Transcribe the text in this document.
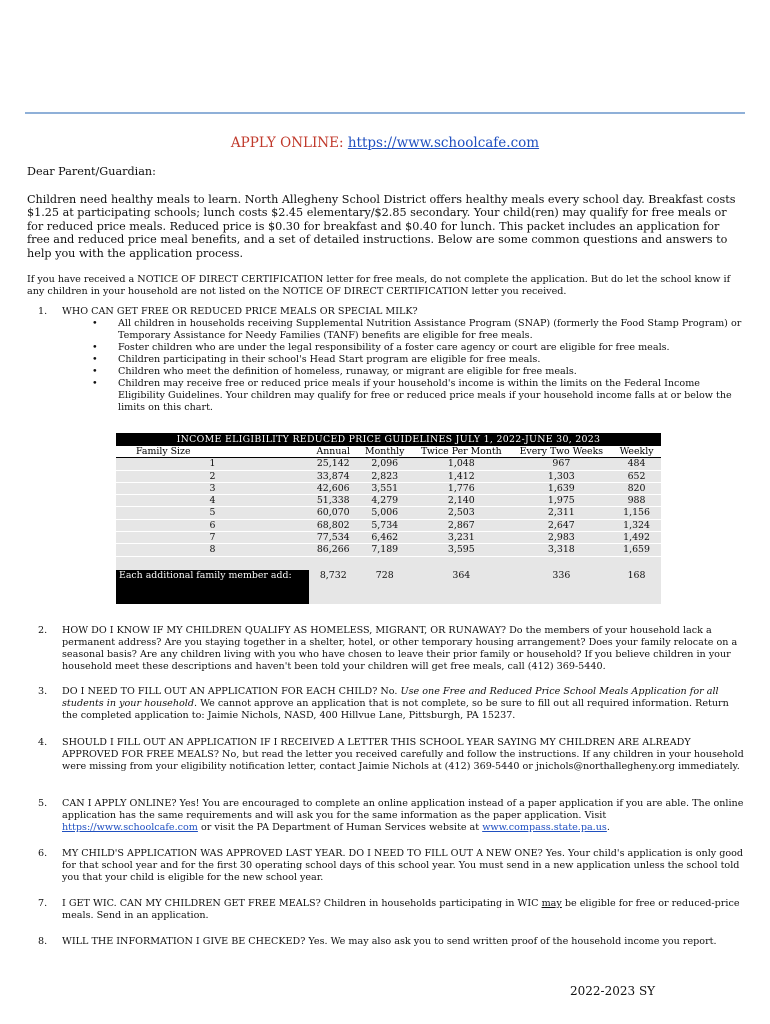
APPLY ONLINE: https://www.schoolcafe.com
Dear Parent/Guardian:
Children need healthy meals to learn. North Allegheny School District offers healthy meals every school day. Breakfast costs $1.25 at participating schools; lunch costs $2.45 elementary/$2.85 secondary. Your child(ren) may qualify for free meals or for reduced price meals. Reduced price is $0.30 for breakfast and $0.40 for lunch. This packet includes an application for free and reduced price meal benefits, and a set of detailed instructions. Below are some common questions and answers to help you with the application process.
If you have received a NOTICE OF DIRECT CERTIFICATION letter for free meals, do not complete the application. But do let the school know if any children in your household are not listed on the NOTICE OF DIRECT CERTIFICATION letter you received.
1. WHO CAN GET FREE OR REDUCED PRICE MEALS OR SPECIAL MILK?
• All children in households receiving Supplemental Nutrition Assistance Program (SNAP) (formerly the Food Stamp Program) or Temporary Assistance for Needy Families (TANF) benefits are eligible for free meals.
• Foster children who are under the legal responsibility of a foster care agency or court are eligible for free meals.
• Children participating in their school's Head Start program are eligible for free meals.
• Children who meet the definition of homeless, runaway, or migrant are eligible for free meals.
• Children may receive free or reduced price meals if your household's income is within the limits on the Federal Income Eligibility Guidelines. Your children may qualify for free or reduced price meals if your household income falls at or below the limits on this chart.
INCOME ELIGIBILITY REDUCED PRICE GUIDELINES JULY 1, 2022-JUNE 30, 2023					
Family Size	Annual	Monthly	Twice Per Month	Every Two Weeks	Weekly
1	25,142	2,096	1,048	967	484
2	33,874	2,823	1,412	1,303	652
3	42,606	3,551	1,776	1,639	820
4	51,338	4,279	2,140	1,975	988
5	60,070	5,006	2,503	2,311	1,156
6	68,802	5,734	2,867	2,647	1,324
7	77,534	6,462	3,231	2,983	1,492
8	86,266	7,189	3,595	3,318	1,659

Each additional family member add:	8,732	728	364	336	168
2. HOW DO I KNOW IF MY CHILDREN QUALIFY AS HOMELESS, MIGRANT, OR RUNAWAY? Do the members of your household lack a permanent address? Are you staying together in a shelter, hotel, or other temporary housing arrangement? Does your family relocate on a seasonal basis? Are any children living with you who have chosen to leave their prior family or household? If you believe children in your household meet these descriptions and haven't been told your children will get free meals, call (412) 369-5440.
3. DO I NEED TO FILL OUT AN APPLICATION FOR EACH CHILD? No. Use one Free and Reduced Price School Meals Application for all students in your household. We cannot approve an application that is not complete, so be sure to fill out all required information. Return the completed application to: Jaimie Nichols, NASD, 400 Hillvue Lane, Pittsburgh, PA 15237.
4. SHOULD I FILL OUT AN APPLICATION IF I RECEIVED A LETTER THIS SCHOOL YEAR SAYING MY CHILDREN ARE ALREADY APPROVED FOR FREE MEALS? No, but read the letter you received carefully and follow the instructions. If any children in your household were missing from your eligibility notification letter, contact Jaimie Nichols at (412) 369-5440 or jnichols@northallegheny.org immediately.
5. CAN I APPLY ONLINE? Yes! You are encouraged to complete an online application instead of a paper application if you are able. The online application has the same requirements and will ask you for the same information as the paper application. Visit https://www.schoolcafe.com or visit the PA Department of Human Services website at www.compass.state.pa.us.
6. MY CHILD'S APPLICATION WAS APPROVED LAST YEAR. DO I NEED TO FILL OUT A NEW ONE? Yes. Your child's application is only good for that school year and for the first 30 operating school days of this school year. You must send in a new application unless the school told you that your child is eligible for the new school year.
7. I GET WIC. CAN MY CHILDREN GET FREE MEALS? Children in households participating in WIC may be eligible for free or reduced-price meals. Send in an application.
8. WILL THE INFORMATION I GIVE BE CHECKED? Yes. We may also ask you to send written proof of the household income you report.
2022-2023 SY
